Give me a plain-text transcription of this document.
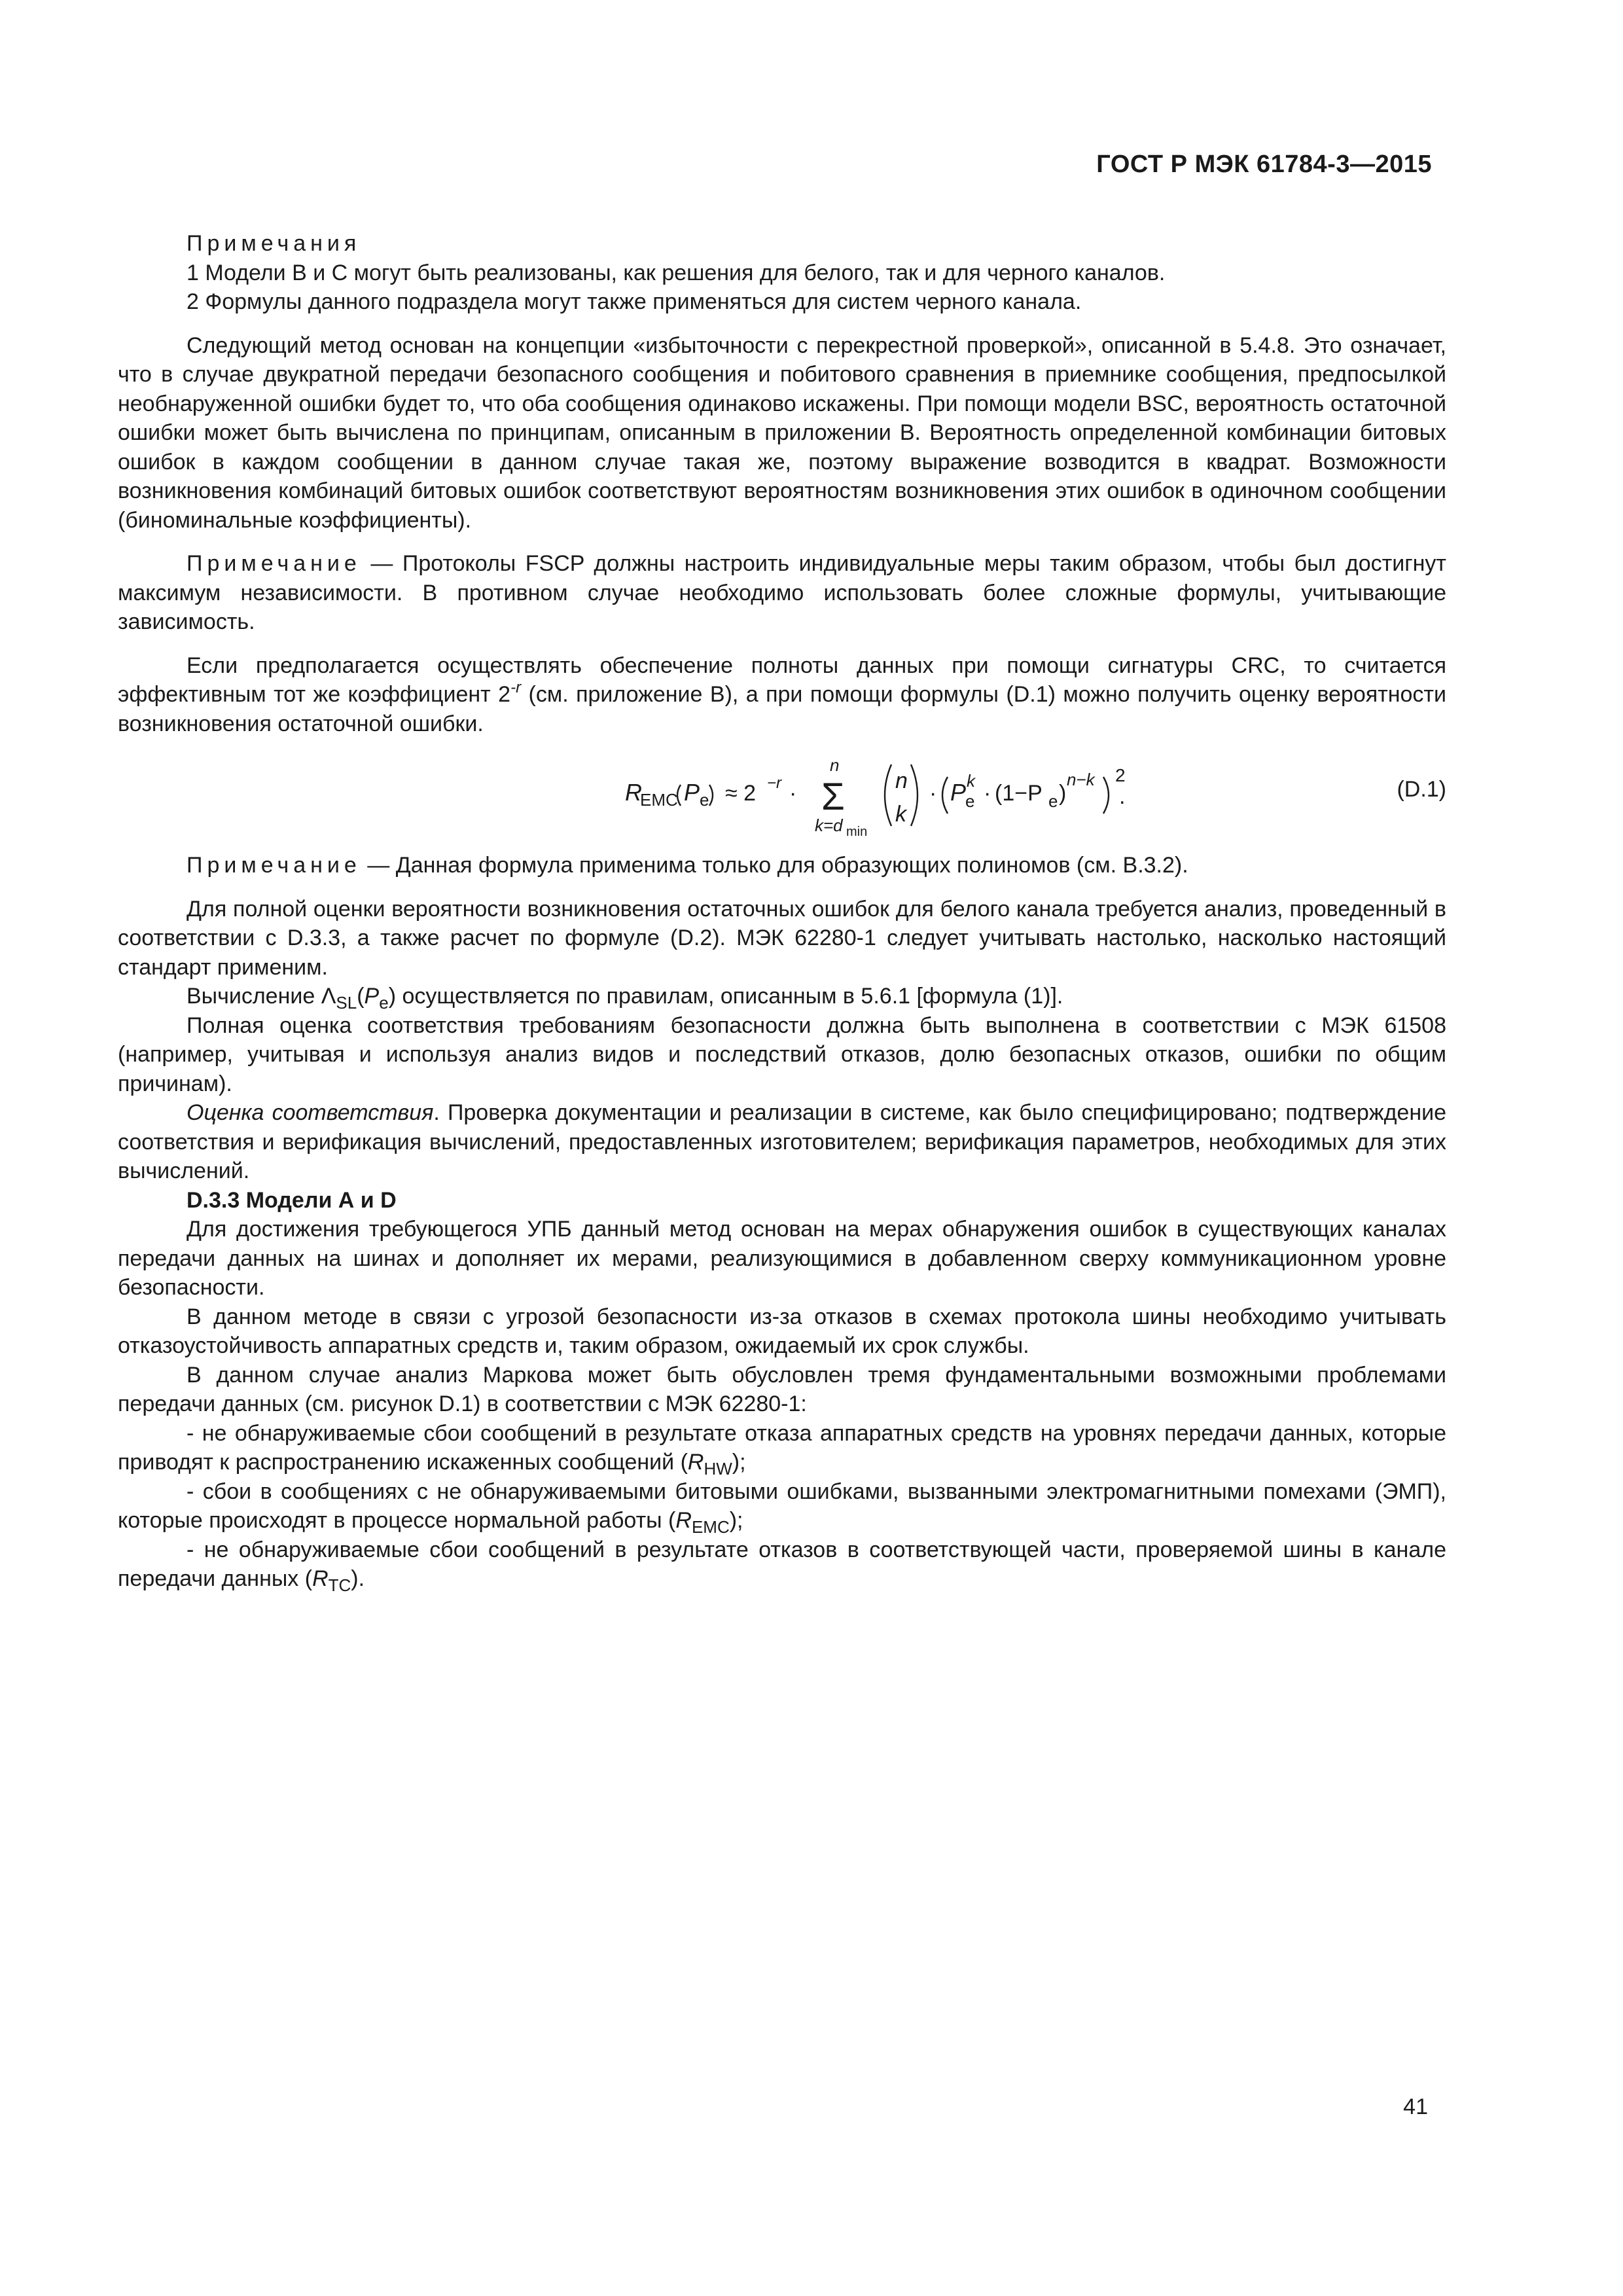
ГОСТ Р МЭК 61784-3—2015

Примечания

1 Модели B и C могут быть реализованы, как решения для белого, так и для черного каналов.

2 Формулы данного подраздела могут также применяться для систем черного канала.

Следующий метод основан на концепции «избыточности с перекрестной проверкой», описанной в 5.4.8. Это означает, что в случае двукратной передачи безопасного сообщения и побитового сравнения в приемнике сообщения, предпосылкой необнаруженной ошибки будет то, что оба сообщения одинаково искажены. При помощи модели BSC, вероятность остаточной ошибки может быть вычислена по принципам, описанным в приложении B. Вероятность определенной комбинации битовых ошибок в каждом сообщении в данном случае такая же, поэтому выражение возводится в квадрат. Возможности возникновения комбинаций битовых ошибок соответствуют вероятностям возникновения этих ошибок в одиночном сообщении (биноминальные коэффициенты).

Примечание — Протоколы FSCP должны настроить индивидуальные меры таким образом, чтобы был достигнут максимум независимости. В противном случае необходимо использовать более сложные формулы, учитывающие зависимость.

Если предполагается осуществлять обеспечение полноты данных при помощи сигнатуры CRC, то считается эффективным тот же коэффициент $2^{-r}$ (см. приложение B), а при помощи формулы (D.1) можно получить оценку вероятности возникновения остаточной ошибки.

R
EMC P e ≈ 2 −r ·
n
Σ
k=d min
n
k
· P
e
k · (1−P e )
n−k 2
.	(D.1)

Примечание — Данная формула применима только для образующих полиномов (см. B.3.2).

Для полной оценки вероятности возникновения остаточных ошибок для белого канала требуется анализ, проведенный в соответствии с D.3.3, а также расчет по формуле (D.2). МЭК 62280-1 следует учитывать настолько, насколько настоящий стандарт применим.

Вычисление $\Lambda_{SL}(P_e)$ осуществляется по правилам, описанным в 5.6.1 [формула (1)].

Полная оценка соответствия требованиям безопасности должна быть выполнена в соответствии с МЭК 61508 (например, учитывая и используя анализ видов и последствий отказов, долю безопасных отказов, ошибки по общим причинам).

Оценка соответствия. Проверка документации и реализации в системе, как было специфицировано; подтверждение соответствия и верификация вычислений, предоставленных изготовителем; верификация параметров, необходимых для этих вычислений.

D.3.3 Модели А и D

Для достижения требующегося УПБ данный метод основан на мерах обнаружения ошибок в существующих каналах передачи данных на шинах и дополняет их мерами, реализующимися в добавленном сверху коммуникационном уровне безопасности.

В данном методе в связи с угрозой безопасности из-за отказов в схемах протокола шины необходимо учитывать отказоустойчивость аппаратных средств и, таким образом, ожидаемый их срок службы.

В данном случае анализ Маркова может быть обусловлен тремя фундаментальными возможными проблемами передачи данных (см. рисунок D.1) в соответствии с МЭК 62280-1:

- не обнаруживаемые сбои сообщений в результате отказа аппаратных средств на уровнях передачи данных, которые приводят к распространению искаженных сообщений $(R_{HW})$;

- сбои в сообщениях с не обнаруживаемыми битовыми ошибками, вызванными электромагнитными помехами (ЭМП), которые происходят в процессе нормальной работы $(R_{EMC})$;

- не обнаруживаемые сбои сообщений в результате отказов в соответствующей части, проверяемой шины в канале передачи данных $(R_{TC})$.

41
